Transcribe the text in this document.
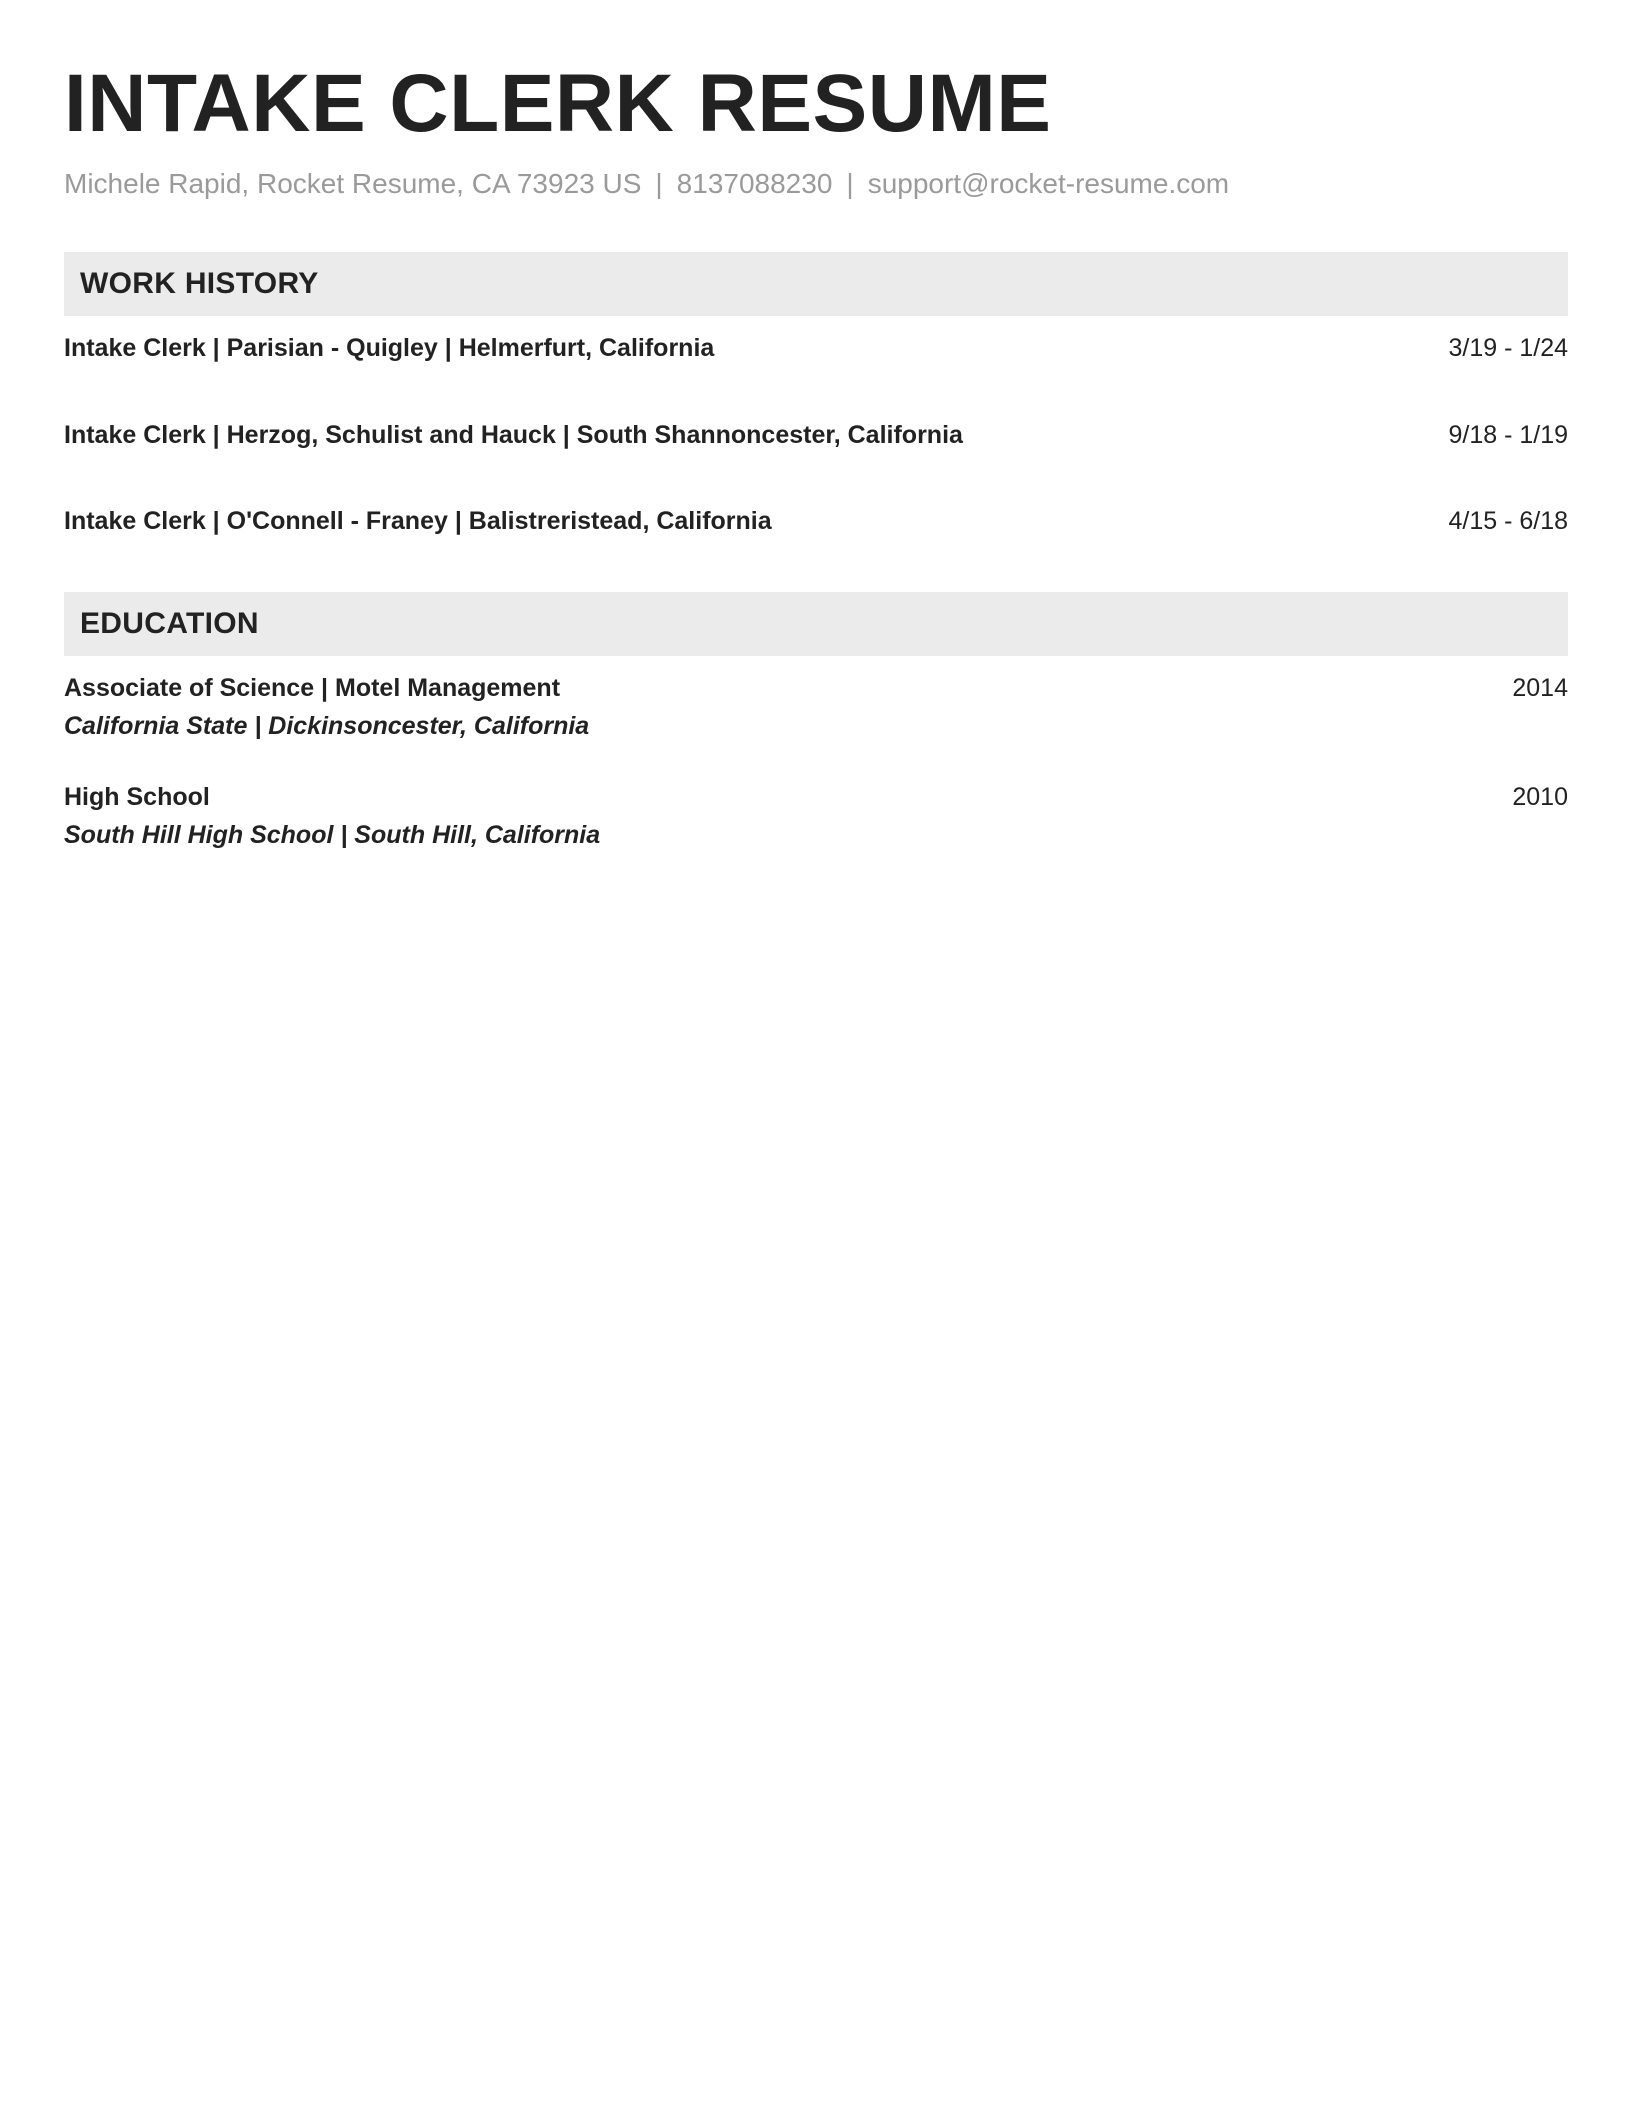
INTAKE CLERK RESUME
Michele Rapid, Rocket Resume, CA 73923 US | 8137088230 | support@rocket-resume.com
WORK HISTORY
Intake Clerk | Parisian - Quigley | Helmerfurt, California	3/19 - 1/24
Intake Clerk | Herzog, Schulist and Hauck | South Shannoncester, California	9/18 - 1/19
Intake Clerk | O'Connell - Franey | Balistreristead, California	4/15 - 6/18
EDUCATION
Associate of Science | Motel Management	2014
California State | Dickinsoncester, California
High School	2010
South Hill High School | South Hill, California
